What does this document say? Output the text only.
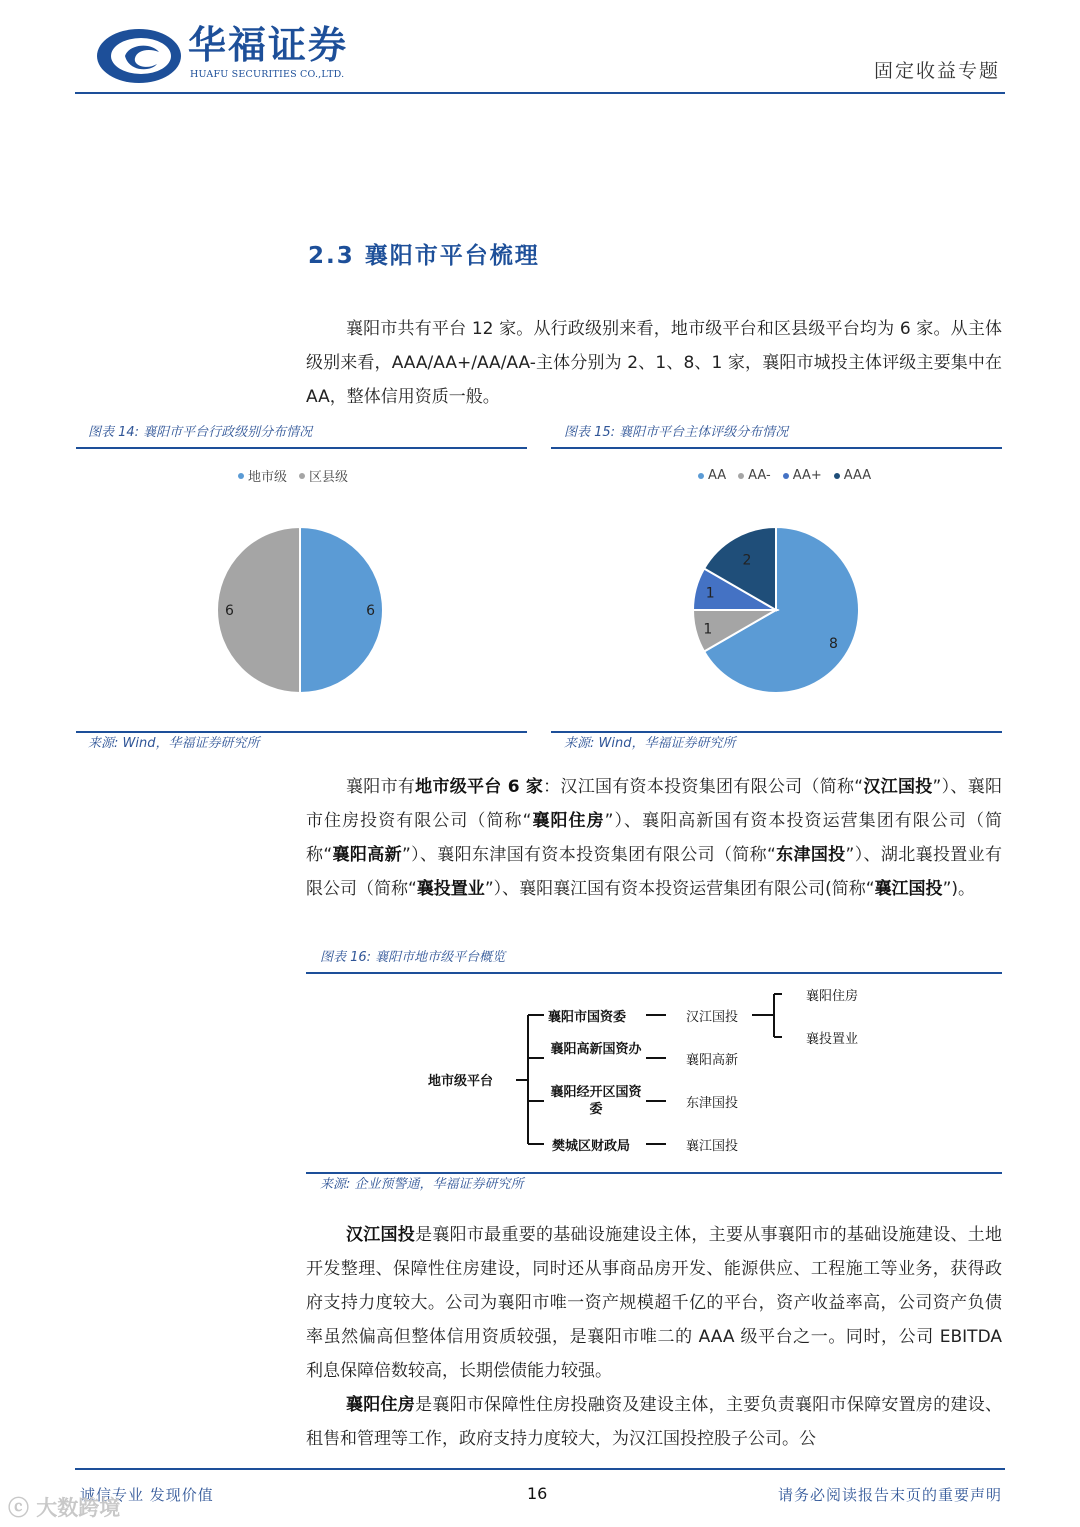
华福证券
HUAFU SECURITIES CO.,LTD.	固定收益专题
2.3 襄阳市平台梳理
襄阳市共有平台 12 家。从行政级别来看，地市级平台和区县级平台均为 6 家。从主体级别来看，AAA/AA+/AA/AA-主体分别为 2、1、8、1 家，襄阳市城投主体评级主要集中在 AA，整体信用资质一般。
图表 14: 襄阳市平台行政级别分布情况
地市级 区县级
6
6
来源: Wind，华福证券研究所
图表 15: 襄阳市平台主体评级分布情况
AA AA- AA+ AAA
8
1
1
2
来源: Wind，华福证券研究所
襄阳市有地市级平台 6 家：汉江国有资本投资集团有限公司（简称“汉江国投”）、襄阳市住房投资有限公司（简称“襄阳住房”）、襄阳高新国有资本投资运营集团有限公司（简称“襄阳高新”）、襄阳东津国有资本投资集团有限公司（简称“东津国投”）、湖北襄投置业有限公司（简称“襄投置业”）、襄阳襄江国有资本投资运营集团有限公司(简称“襄江国投”)。
图表 16: 襄阳市地市级平台概览
地市级平台
襄阳市国资委
襄阳高新国资办
襄阳经开区国资委
樊城区财政局
汉江国投
襄阳高新
东津国投
襄江国投
襄阳住房
襄投置业
来源: 企业预警通，华福证券研究所
汉江国投是襄阳市最重要的基础设施建设主体，主要从事襄阳市的基础设施建设、土地开发整理、保障性住房建设，同时还从事商品房开发、能源供应、工程施工等业务，获得政府支持力度较大。公司为襄阳市唯一资产规模超千亿的平台，资产收益率高，公司资产负债率虽然偏高但整体信用资质较强，是襄阳市唯二的 AAA 级平台之一。同时，公司 EBITDA 利息保障倍数较高，长期偿债能力较强。
襄阳住房是襄阳市保障性住房投融资及建设主体，主要负责襄阳市保障安置房的建设、租售和管理等工作，政府支持力度较大，为汉江国投控股子公司。公
诚信专业 发现价值	16	请务必阅读报告末页的重要声明
ⓒ 大数跨境
